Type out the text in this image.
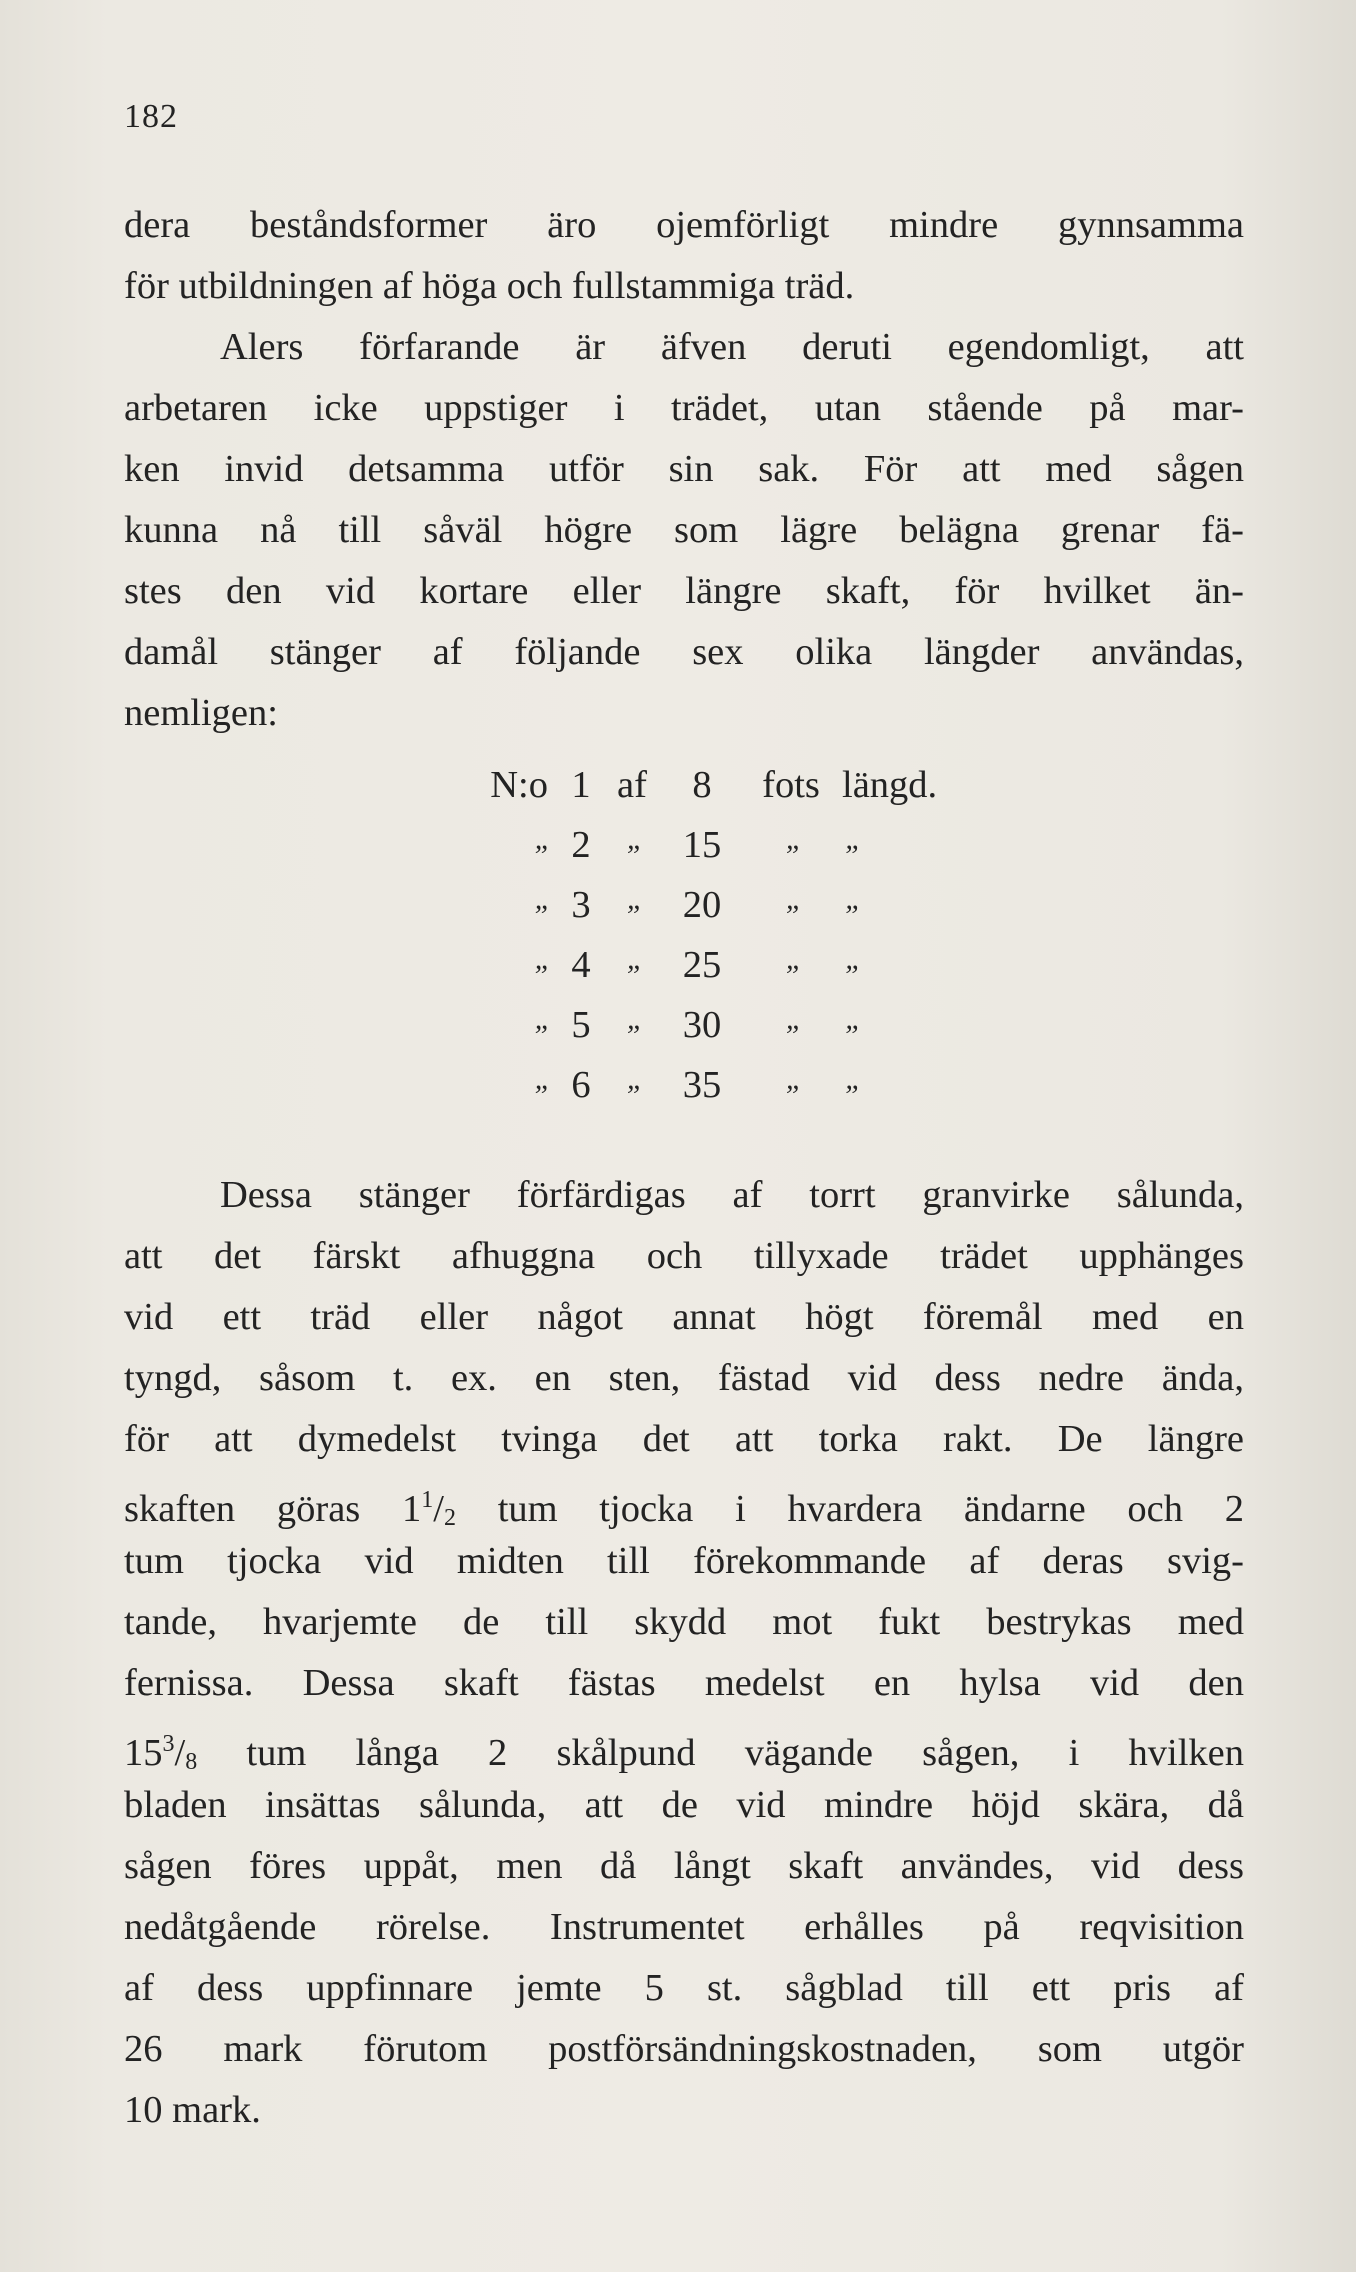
182
dera beståndsformer äro ojemförligt mindre gynnsamma
för utbildningen af höga och fullstammiga träd.
Alers förfarande är äfven deruti egendomligt, att
arbetaren icke uppstiger i trädet, utan stående på mar-
ken invid detsamma utför sin sak. För att med sågen
kunna nå till såväl högre som lägre belägna grenar fä-
stes den vid kortare eller längre skaft, för hvilket än-
damål stänger af följande sex olika längder användas,
nemligen:
N:o	1	af	8	fots	längd.
$_”$	2	$_”$	15	$_”$	$_”$
$_”$	3	$_”$	20	$_”$	$_”$
$_”$	4	$_”$	25	$_”$	$_”$
$_”$	5	$_”$	30	$_”$	$_”$
$_”$	6	$_”$	35	$_”$	$_”$
Dessa stänger förfärdigas af torrt granvirke sålunda,
att det färskt afhuggna och tillyxade trädet upphänges
vid ett träd eller något annat högt föremål med en
tyngd, såsom t. ex. en sten, fästad vid dess nedre ända,
för att dymedelst tvinga det att torka rakt. De längre
skaften göras $1^1/_2$ tum tjocka i hvardera ändarne och 2
tum tjocka vid midten till förekommande af deras svig-
tande, hvarjemte de till skydd mot fukt bestrykas med
fernissa. Dessa skaft fästas medelst en hylsa vid den
$15^3/_8$ tum långa 2 skålpund vägande sågen, i hvilken
bladen insättas sålunda, att de vid mindre höjd skära, då
sågen föres uppåt, men då långt skaft användes, vid dess
nedåtgående rörelse. Instrumentet erhålles på reqvisition
af dess uppfinnare jemte 5 st. sågblad till ett pris af
26 mark förutom postförsändningskostnaden, som utgör
10 mark.
